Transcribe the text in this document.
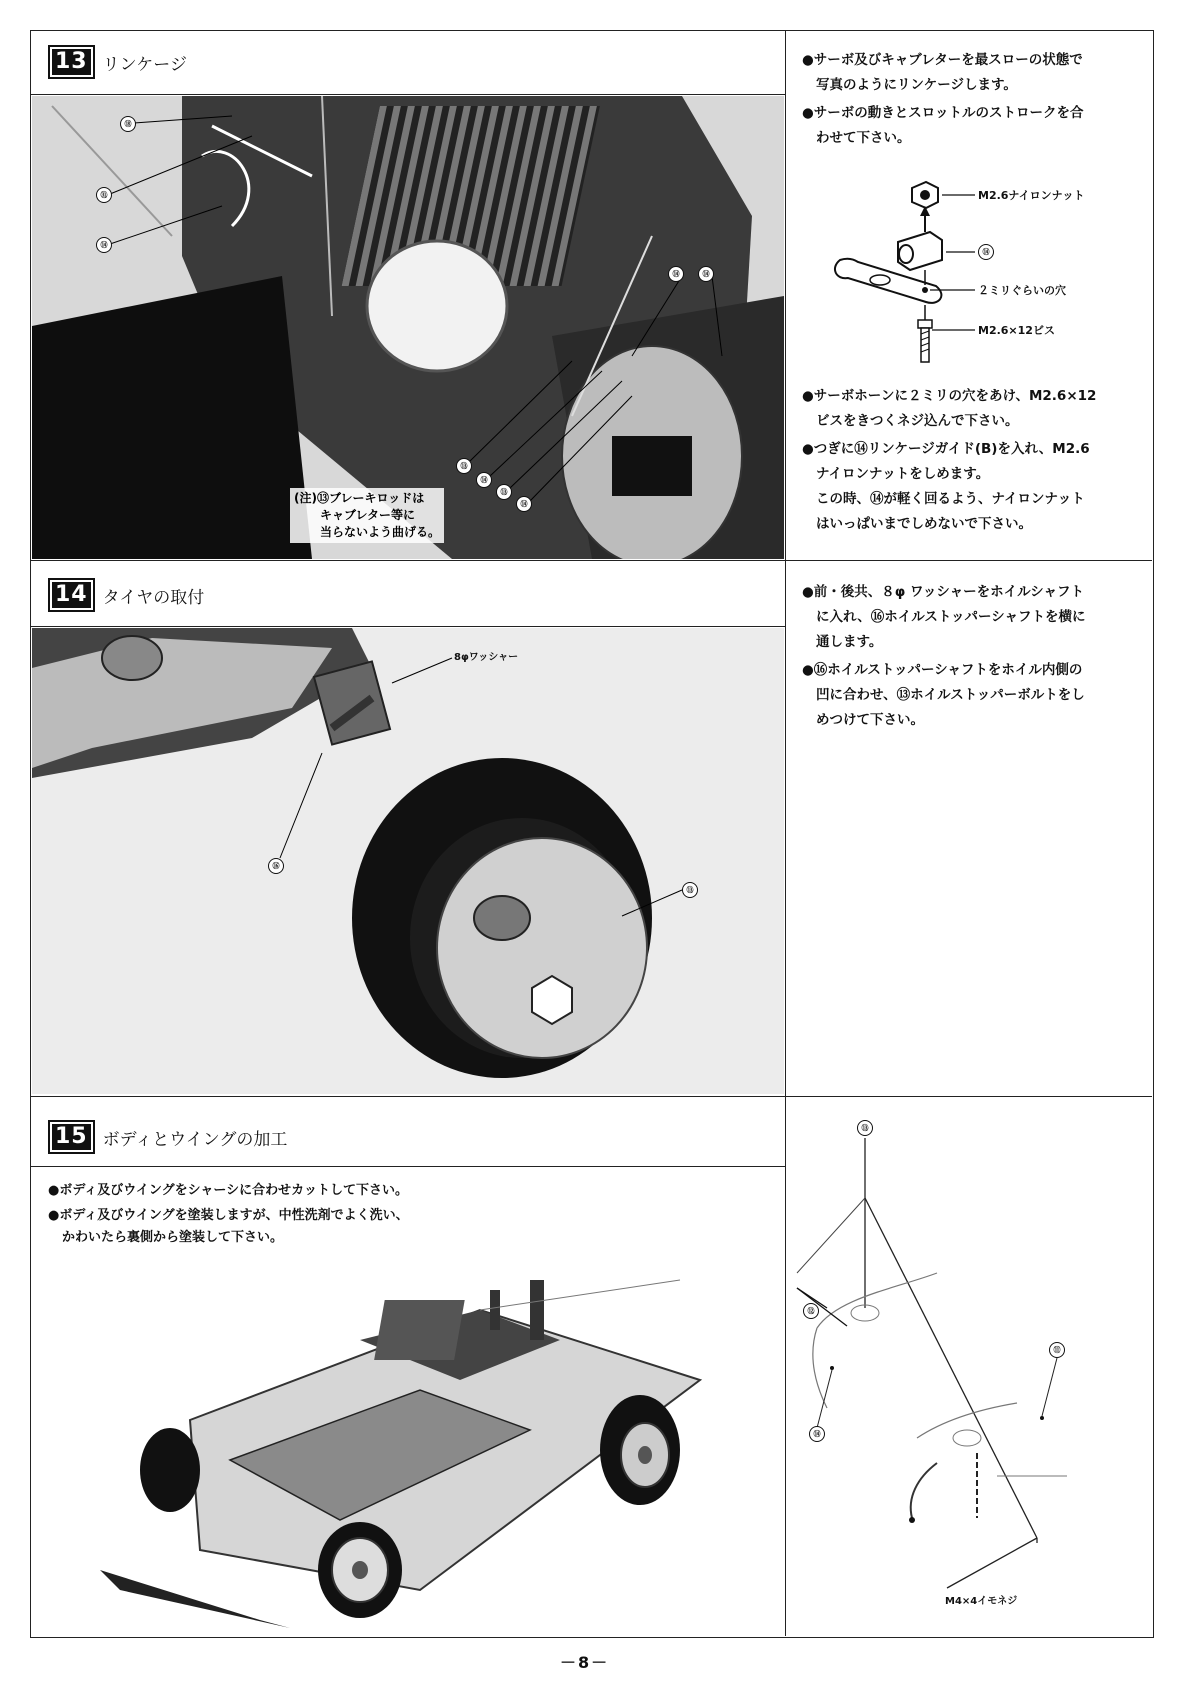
13 リンケージ
⑱
㉛
⑭
⑬
⑭
⑬
⑭
⑭	⑭
(注)⑬ブレーキロッドは
キャブレター等に
当らないよう曲げる。

●サーボ及びキャブレターを最スローの状態で
写真のようにリンケージします。

●サーボの動きとスロットルのストロークを合
わせて下さい。

M2.6ナイロンナット
⑭
２ミリぐらいの穴
M2.6×12ビス

●サーボホーンに２ミリの穴をあけ、M2.6×12
ビスをきつくネジ込んで下さい。

●つぎに⑭リンケージガイド(B)を入れ、M2.6
ナイロンナットをしめます。
この時、⑭が軽く回るよう、ナイロンナット
はいっぱいまでしめないで下さい。

14 タイヤの取付
8φワッシャー
⑯
⑬

●前・後共、８φ ワッシャーをホイルシャフト
に入れ、⑯ホイルストッパーシャフトを横に
通します。

●⑯ホイルストッパーシャフトをホイル内側の
凹に合わせ、⑬ホイルストッパーボルトをし
めつけて下さい。

15 ボディとウイングの加工

●ボディ及びウイングをシャーシに合わせカットして下さい。

●ボディ及びウイングを塗装しますが、中性洗剤でよく洗い、
かわいたら裏側から塗装して下さい。

⑬
⑫
⑪
⑭
M4×4イモネジ
－8－
